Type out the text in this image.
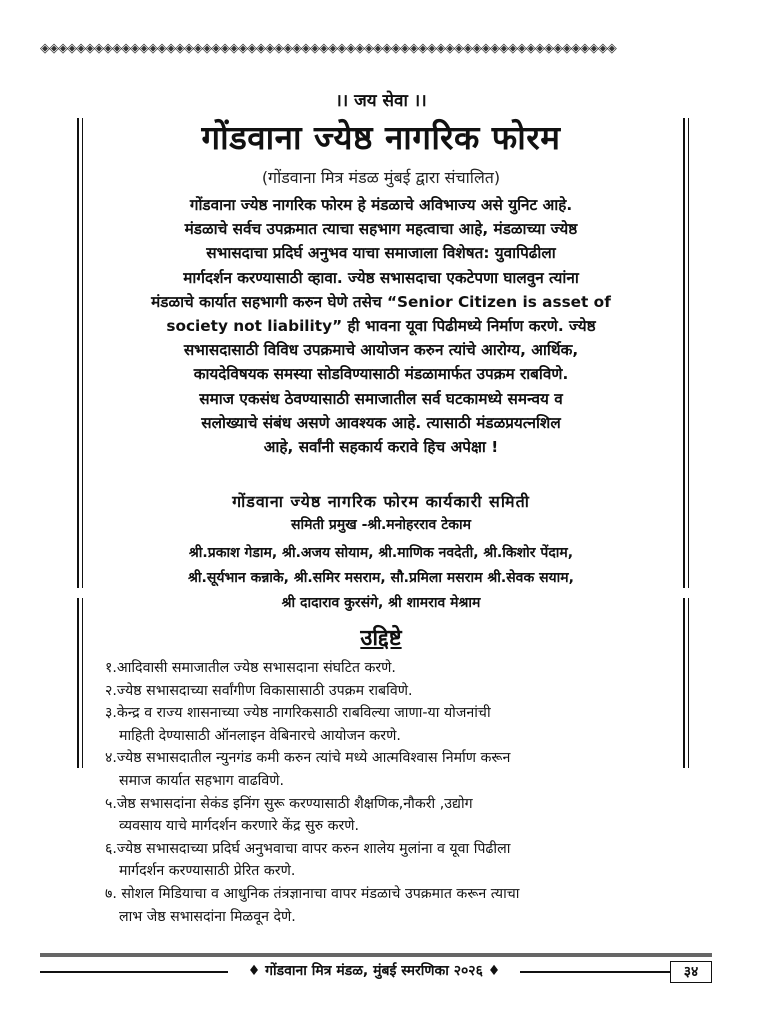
◈◈◈◈◈◈◈◈◈◈◈◈◈◈◈◈◈◈◈◈◈◈◈◈◈◈◈◈◈◈◈◈◈◈◈◈◈◈◈◈◈◈◈◈◈◈◈◈◈◈◈◈◈◈◈◈◈◈◈◈◈◈◈◈
।। जय सेवा ।।
गोंडवाना ज्येष्ठ नागरिक फोरम
(गोंडवाना मित्र मंडळ मुंबई द्वारा संचालित)
गोंडवाना ज्येष्ठ नागरिक फोरम हे मंडळाचे अविभाज्य असे युनिट आहे.
मंडळाचे सर्वच उपक्रमात त्याचा सहभाग महत्वाचा आहे, मंडळाच्या ज्येष्ठ
सभासदाचा प्रदिर्घ अनुभव याचा समाजाला विशेषत: युवापिढीला
मार्गदर्शन करण्यासाठी व्हावा. ज्येष्ठ सभासदाचा एकटेपणा घालवुन त्यांना
मंडळाचे कार्यात सहभागी करुन घेणे तसेच “Senior Citizen is asset of
society not liability” ही भावना यूवा पिढीमध्ये निर्माण करणे. ज्येष्ठ
सभासदासाठी विविध उपक्रमाचे आयोजन करुन त्यांचे आरोग्य, आर्थिक,
कायदेविषयक समस्या सोडविण्यासाठी मंडळामार्फत उपक्रम राबविणे.
समाज एकसंध ठेवण्यासाठी समाजातील सर्व घटकामध्ये समन्वय व
सलोख्याचे संबंध असणे आवश्यक आहे. त्यासाठी मंडळप्रयत्नशिल
आहे, सर्वांनी सहकार्य करावे हिच अपेक्षा !
गोंडवाना ज्येष्ठ नागरिक फोरम कार्यकारी समिती
समिती प्रमुख -श्री.मनोहरराव टेकाम
श्री.प्रकाश गेडाम, श्री.अजय सोयाम, श्री.माणिक नवदेती, श्री.किशोर पेंदाम,
श्री.सूर्यभान कन्नाके, श्री.समिर मसराम, सौ.प्रमिला मसराम श्री.सेवक सयाम,
श्री दादाराव कुरसंगे, श्री शामराव मेश्राम
उद्दिष्टे
१.आदिवासी समाजातील ज्येष्ठ सभासदाना संघटित करणे.
२.ज्येष्ठ सभासदाच्या सर्वांगीण विकासासाठी उपक्रम राबविणे.
३.केन्द्र व राज्य शासनाच्या ज्येष्ठ नागरिकसाठी राबविल्या जाणा-या योजनांची
माहिती देण्यासाठी ऑनलाइन वेबिनारचे आयोजन करणे.
४.ज्येष्ठ सभासदातील न्युनगंड कमी करुन त्यांचे मध्ये आत्मविश्वास निर्माण करून
समाज कार्यात सहभाग वाढविणे.
५.जेष्ठ सभासदांना सेकंड इनिंग सुरू करण्यासाठी शैक्षणिक,नौकरी ,उद्योग
व्यवसाय याचे मार्गदर्शन करणारे केंद्र सुरु करणे.
६.ज्येष्ठ सभासदाच्या प्रदिर्घ अनुभवाचा वापर करुन शालेय मुलांना व यूवा पिढीला
मार्गदर्शन करण्यासाठी प्रेरित करणे.
७. सोशल मिडियाचा व आधुनिक तंत्रज्ञानाचा वापर मंडळाचे उपक्रमात करून त्याचा
लाभ जेष्ठ सभासदांना मिळवून देणे.
♦ गोंडवाना मित्र मंडळ, मुंबई स्मरणिका २०२६ ♦	३४
